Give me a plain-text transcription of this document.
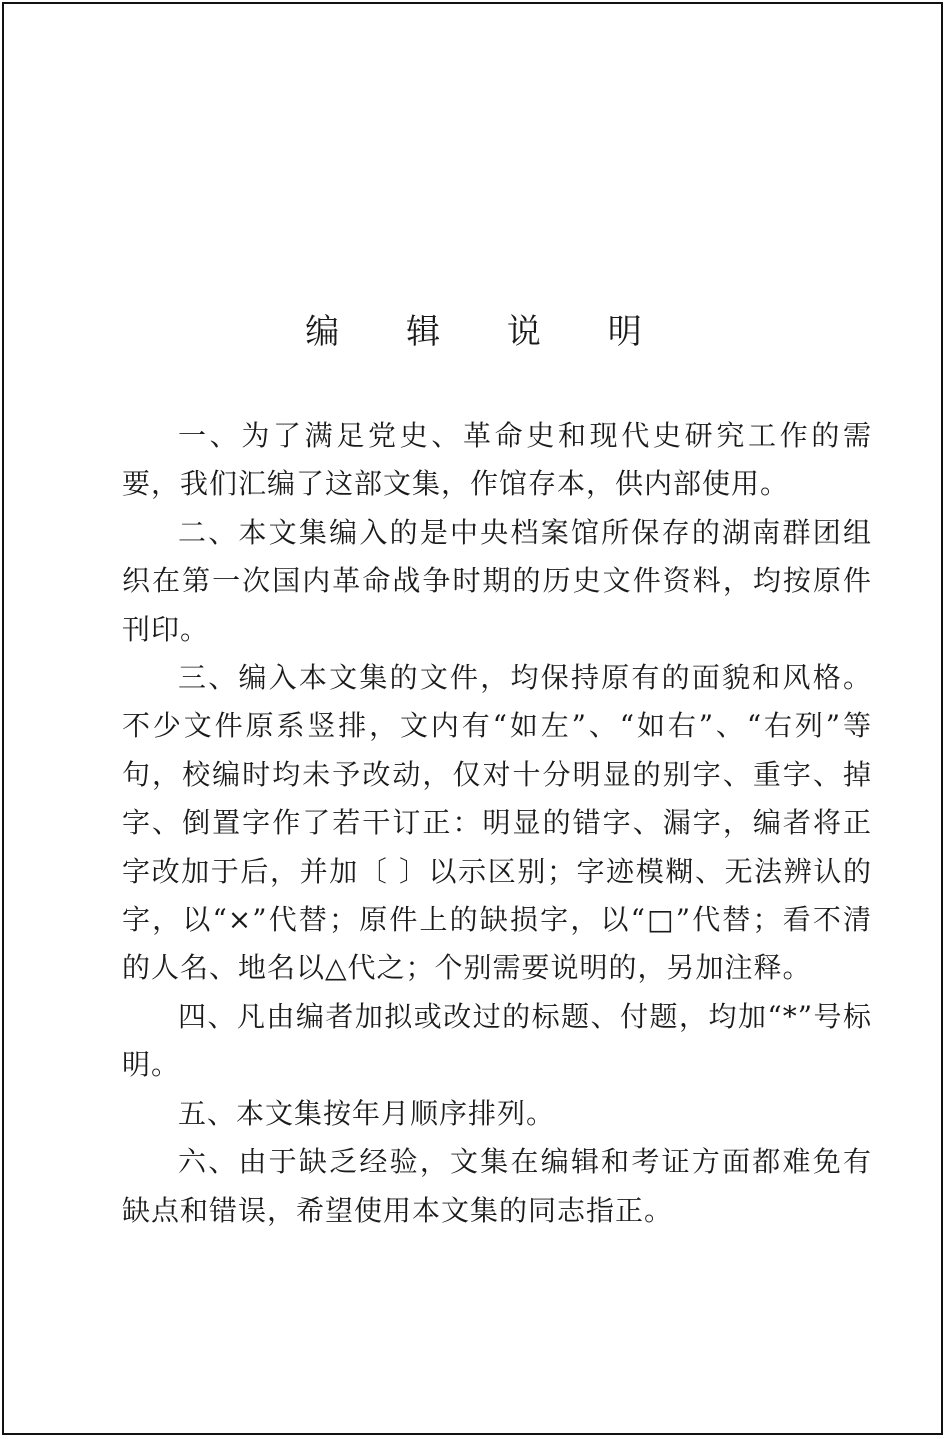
编 辑 说 明

一、为了满足党史、革命史和现代史研究工作的需要，我们汇编了这部文集，作馆存本，供内部使用。

二、本文集编入的是中央档案馆所保存的湖南群团组织在第一次国内革命战争时期的历史文件资料，均按原件刊印。

三、编入本文集的文件，均保持原有的面貌和风格。不少文件原系竖排，文内有“如左”、“如右”、“右列”等句，校编时均未予改动，仅对十分明显的别字、重字、掉字、倒置字作了若干订正：明显的错字、漏字，编者将正字改加于后，并加〔 〕以示区别；字迹模糊、无法辨认的字，以“×”代替；原件上的缺损字，以“□”代替；看不清的人名、地名以△代之；个别需要说明的，另加注释。

四、凡由编者加拟或改过的标题、付题，均加“*”号标明。

五、本文集按年月顺序排列。

六、由于缺乏经验，文集在编辑和考证方面都难免有缺点和错误，希望使用本文集的同志指正。
